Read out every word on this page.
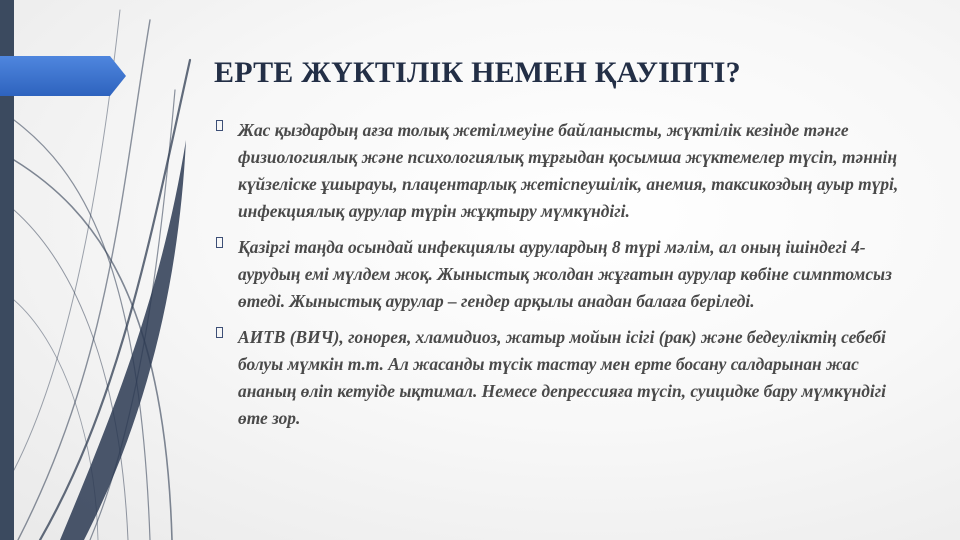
ЕРТЕ ЖҮКТІЛІК НЕМЕН ҚАУІПТІ?
Жас қыздардың ағза толық жетілмеуіне байланысты, жүктілік кезінде тәнге физиологиялық және психологиялық тұрғыдан қосымша жүктемелер түсіп, тәннің күйзеліске ұшырауы, плацентарлық жетіспеушілік, анемия, таксикоздың ауыр түрі, инфекциялық аурулар түрін жұқтыру мүмкүндігі.
Қазіргі таңда осындай инфекциялы аурулардың 8 түрі мәлім, ал оның ішіндегі 4-аурудың емі мүлдем жоқ. Жыныстық жолдан жұғатын аурулар көбіне симптомсыз өтеді. Жыныстық аурулар – гендер арқылы анадан балаға беріледі.
АИТВ (ВИЧ), гонорея, хламидиоз, жатыр мойын ісігі (рак) және бедеуліктің себебі болуы мүмкін т.т. Ал жасанды түсік тастау мен ерте босану салдарынан жас ананың өліп кетуіде ықтимал. Немесе депрессияға түсіп, суицидке бару мүмкүндігі өте зор.
